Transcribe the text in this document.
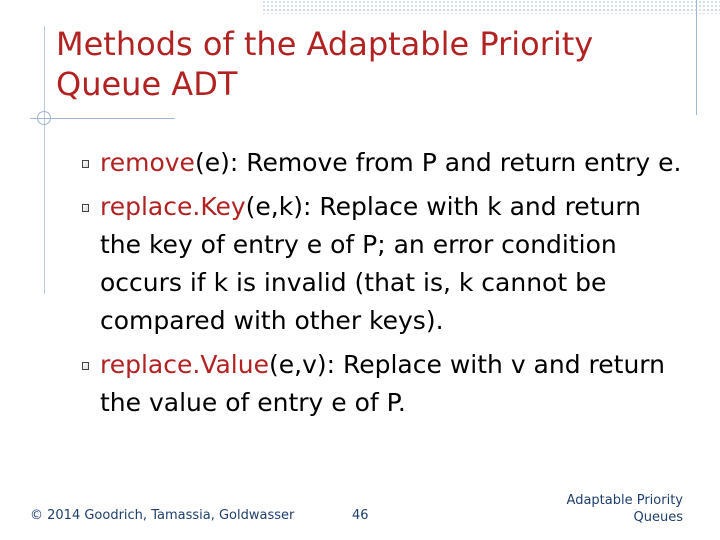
Methods of the Adaptable Priority
Queue ADT
remove(e): Remove from P and return entry e.
replace.Key(e,k): Replace with k and return the key of entry e of P; an error condition occurs if k is invalid (that is, k cannot be compared with other keys).
replace.Value(e,v): Replace with v and return the value of entry e of P.
© 2014 Goodrich, Tamassia, Goldwasser	46
Adaptable Priority
Queues
